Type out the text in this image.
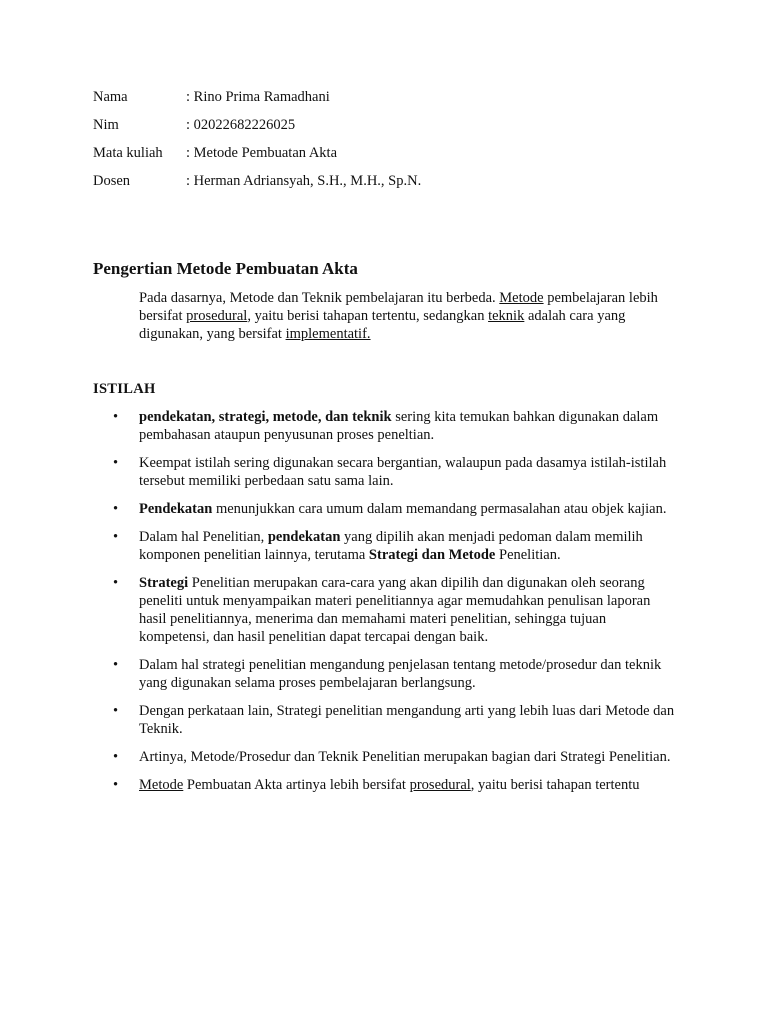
Nama	: Rino Prima Ramadhani
Nim	: 02022682226025
Mata kuliah	: Metode Pembuatan Akta
Dosen	: Herman Adriansyah, S.H., M.H., Sp.N.
Pengertian Metode Pembuatan Akta

Pada dasarnya, Metode dan Teknik pembelajaran itu berbeda. Metode pembelajaran lebih bersifat prosedural, yaitu berisi tahapan tertentu, sedangkan teknik adalah cara yang digunakan, yang bersifat implementatif.

ISTILAH
• pendekatan, strategi, metode, dan teknik sering kita temukan bahkan digunakan dalam pembahasan ataupun penyusunan proses peneltian.
• Keempat istilah sering digunakan secara bergantian, walaupun pada dasamya istilah-istilah tersebut memiliki perbedaan satu sama lain.
• Pendekatan menunjukkan cara umum dalam memandang permasalahan atau objek kajian.
• Dalam hal Penelitian, pendekatan yang dipilih akan menjadi pedoman dalam memilih komponen penelitian lainnya, terutama Strategi dan Metode Penelitian.
• Strategi Penelitian merupakan cara-cara yang akan dipilih dan digunakan oleh seorang peneliti untuk menyampaikan materi penelitiannya agar memudahkan penulisan laporan hasil penelitiannya, menerima dan memahami materi penelitian, sehingga tujuan kompetensi, dan hasil penelitian dapat tercapai dengan baik.
• Dalam hal strategi penelitian mengandung penjelasan tentang metode/prosedur dan teknik yang digunakan selama proses pembelajaran berlangsung.
• Dengan perkataan lain, Strategi penelitian mengandung arti yang lebih luas dari Metode dan Teknik.
• Artinya, Metode/Prosedur dan Teknik Penelitian merupakan bagian dari Strategi Penelitian.
• Metode Pembuatan Akta artinya lebih bersifat prosedural, yaitu berisi tahapan tertentu
